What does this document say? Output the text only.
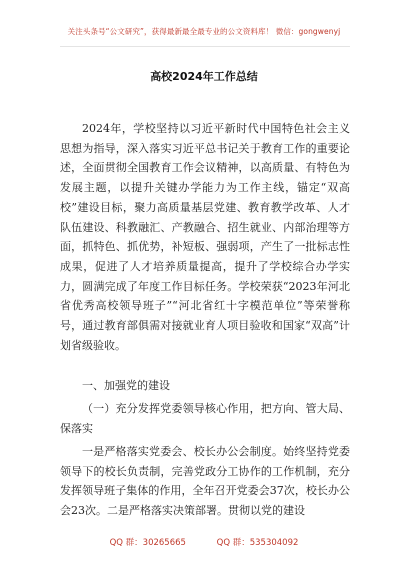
关注头条号“公文研究”，获得最新最全最专业的公文资料库！ 微信：gongwenyj
高校2024年工作总结
2024年，学校坚持以习近平新时代中国特色社会主义思想为指导，深入落实习近平总书记关于教育工作的重要论述，全面贯彻全国教育工作会议精神，以高质量、有特色为发展主题，以提升关键办学能力为工作主线，锚定“双高校”建设目标，聚力高质量基层党建、教育教学改革、人才队伍建设、科教融汇、产教融合、招生就业、内部治理等方面，抓特色、抓优势，补短板、强弱项，产生了一批标志性成果，促进了人才培养质量提高，提升了学校综合办学实力，圆满完成了年度工作目标任务。学校荣获“2023年河北省优秀高校领导班子”“河北省红十字模范单位”等荣誉称号，通过教育部俱需对接就业育人项目验收和国家“双高”计划省级验收。
一、加强党的建设
（一）充分发挥党委领导核心作用，把方向、管大局、保落实
一是严格落实党委会、校长办公会制度。始终坚持党委领导下的校长负责制，完善党政分工协作的工作机制，充分发挥领导班子集体的作用，全年召开党委会37次，校长办公会23次。二是严格落实决策部署。贯彻以党的建设
QQ 群：30265665	QQ 群：535304092
